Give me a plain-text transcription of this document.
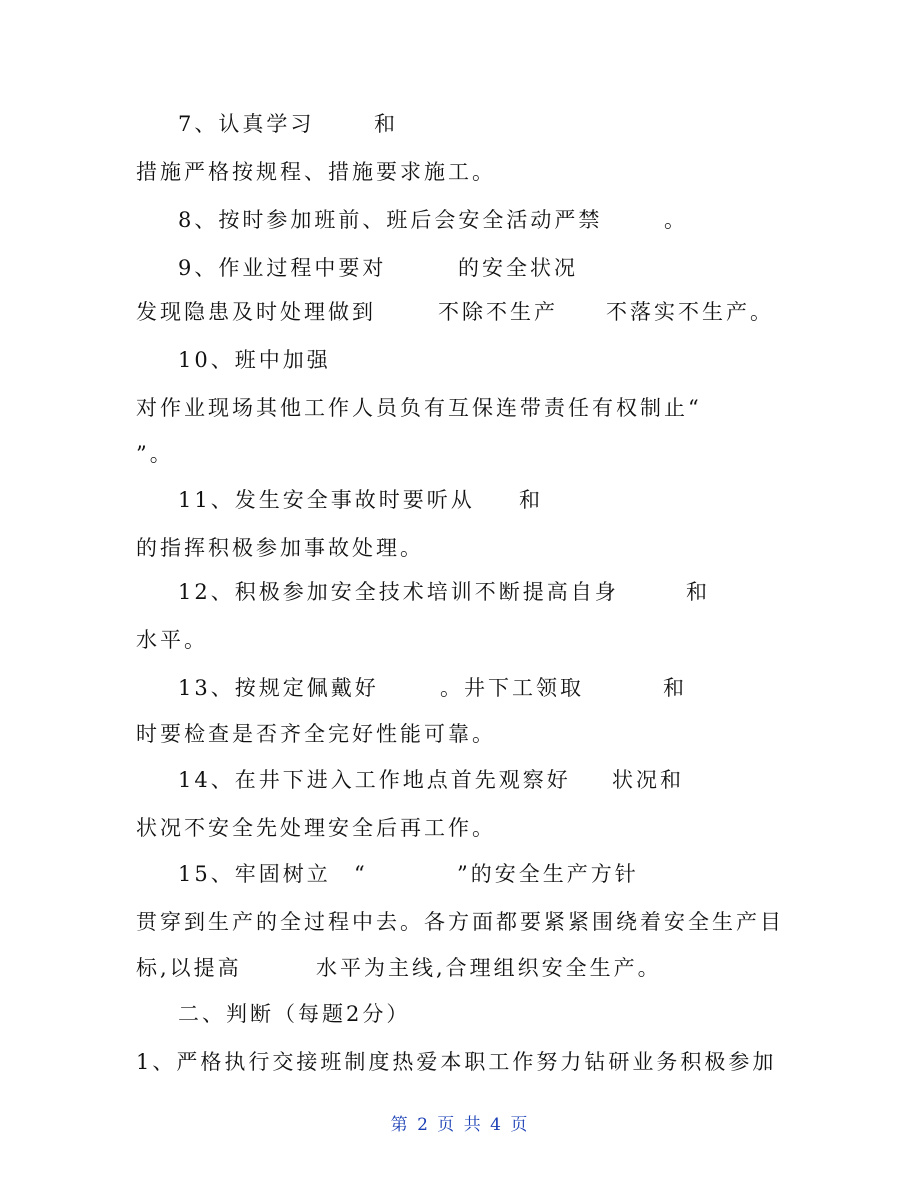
7、认真学习	和

措施严格按规程、措施要求施工。

8、按时参加班前、班后会安全活动严禁	。

9、作业过程中要对	的安全状况

发现隐患及时处理做到	不除不生产 不落实不生产。

10、班中加强

对作业现场其他工作人员负有互保连带责任有权制止“

”。

11、发生安全事故时要听从 和

的指挥积极参加事故处理。

12、积极参加安全技术培训不断提高自身	和

水平。

13、按规定佩戴好	。井下工领取	和

时要检查是否齐全完好性能可靠。

14、在井下进入工作地点首先观察好 状况和

状况不安全先处理安全后再工作。

15、牢固树立 “	”的安全生产方针

贯穿到生产的全过程中去。各方面都要紧紧围绕着安全生产目

标,以提高	水平为主线,合理组织安全生产。

二、判断（每题2分）

1、严格执行交接班制度热爱本职工作努力钻研业务积极参加

第 2 页 共 4 页
